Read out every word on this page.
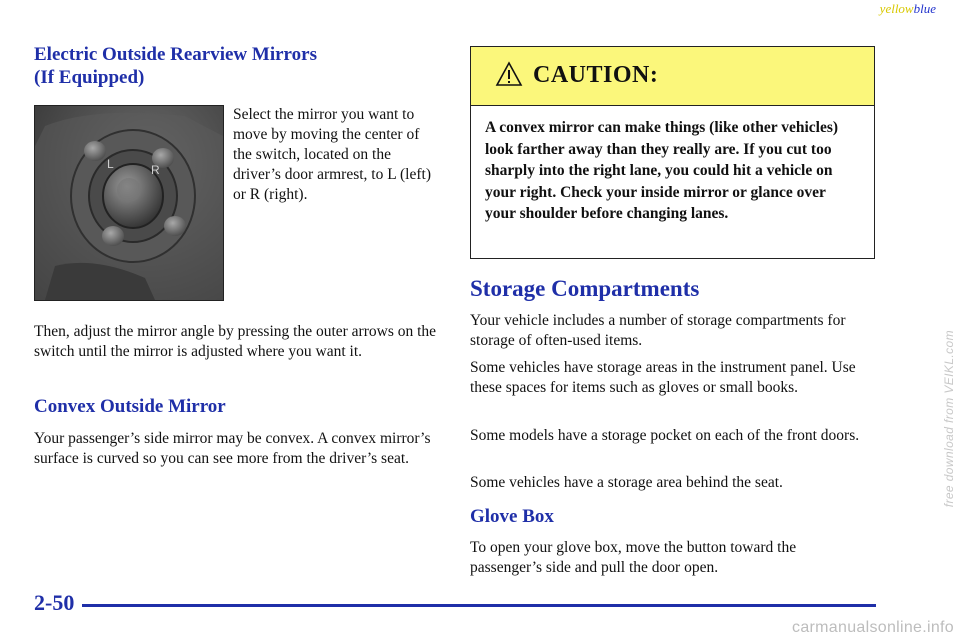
yellowblue
Electric Outside Rearview Mirrors
(If Equipped)
L	R

Select the mirror you want to move by moving the center of the switch, located on the driver’s door armrest, to L (left) or R (right).

Then, adjust the mirror angle by pressing the outer arrows on the switch until the mirror is adjusted where you want it.

Convex Outside Mirror

Your passenger’s side mirror may be convex. A convex mirror’s surface is curved so you can see more from the driver’s seat.

CAUTION:
A convex mirror can make things (like other vehicles) look farther away than they really are. If you cut too sharply into the right lane, you could hit a vehicle on your right. Check your inside mirror or glance over your shoulder before changing lanes.
Storage Compartments

Your vehicle includes a number of storage compartments for storage of often-used items.

Some vehicles have storage areas in the instrument panel. Use these spaces for items such as gloves or small books.

Some models have a storage pocket on each of the front doors.

Some vehicles have a storage area behind the seat.

Glove Box

To open your glove box, move the button toward the passenger’s side and pull the door open.

2-50
free download from VEIKL.com
carmanualsonline.info
